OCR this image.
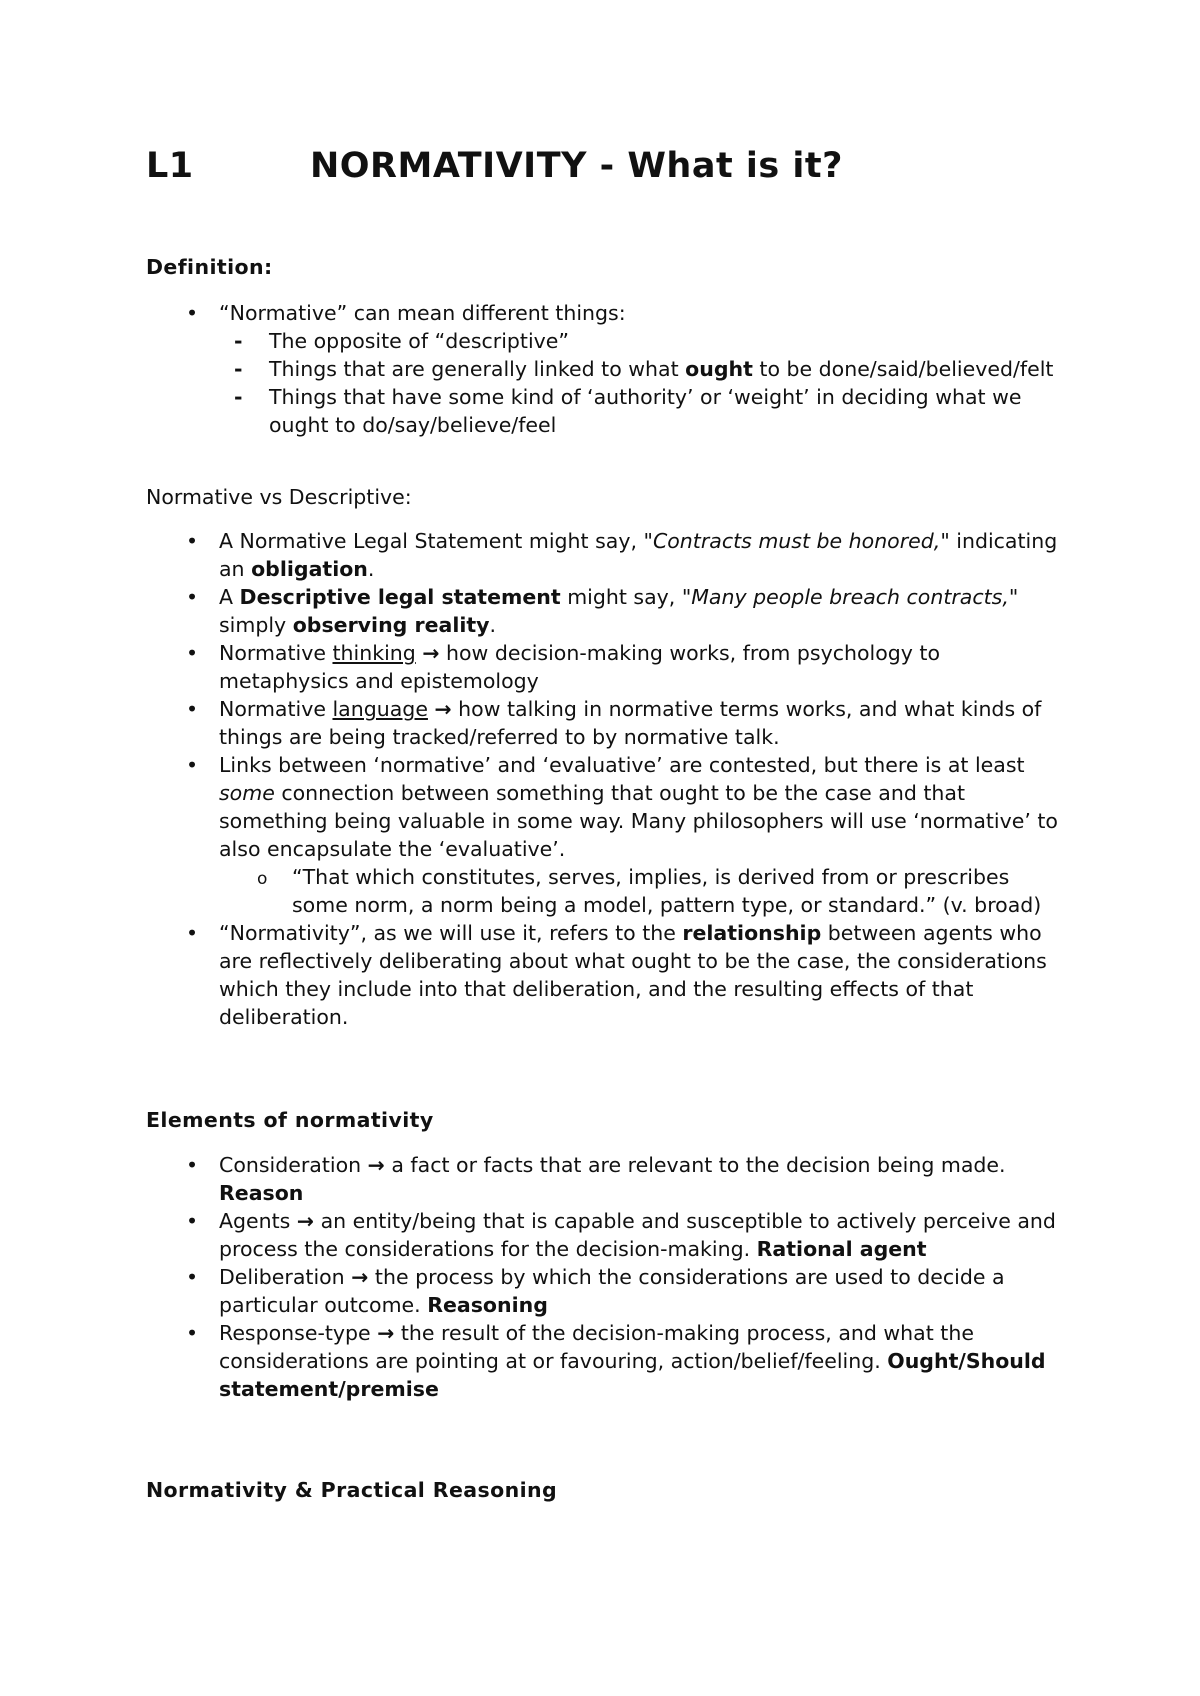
L1	NORMATIVITY - What is it?
Definition:
• “Normative” can mean different things:
- The opposite of “descriptive”
- Things that are generally linked to what ought to be done/said/believed/felt
- Things that have some kind of ‘authority’ or ‘weight’ in deciding what we ought to do/say/believe/feel
Normative vs Descriptive:
• A Normative Legal Statement might say, "Contracts must be honored," indicating an obligation.
• A Descriptive legal statement might say, "Many people breach contracts," simply observing reality.
• Normative thinking → how decision-making works, from psychology to metaphysics and epistemology
• Normative language → how talking in normative terms works, and what kinds of things are being tracked/referred to by normative talk.
• Links between ‘normative’ and ‘evaluative’ are contested, but there is at least some connection between something that ought to be the case and that something being valuable in some way. Many philosophers will use ‘normative’ to also encapsulate the ‘evaluative’.
o “That which constitutes, serves, implies, is derived from or prescribes some norm, a norm being a model, pattern type, or standard.” (v. broad)
• “Normativity”, as we will use it, refers to the relationship between agents who are reflectively deliberating about what ought to be the case, the considerations which they include into that deliberation, and the resulting effects of that deliberation.
Elements of normativity
• Consideration → a fact or facts that are relevant to the decision being made. Reason
• Agents → an entity/being that is capable and susceptible to actively perceive and process the considerations for the decision-making. Rational agent
• Deliberation → the process by which the considerations are used to decide a particular outcome. Reasoning
• Response-type → the result of the decision-making process, and what the considerations are pointing at or favouring, action/belief/feeling. Ought/Should statement/premise
Normativity & Practical Reasoning
